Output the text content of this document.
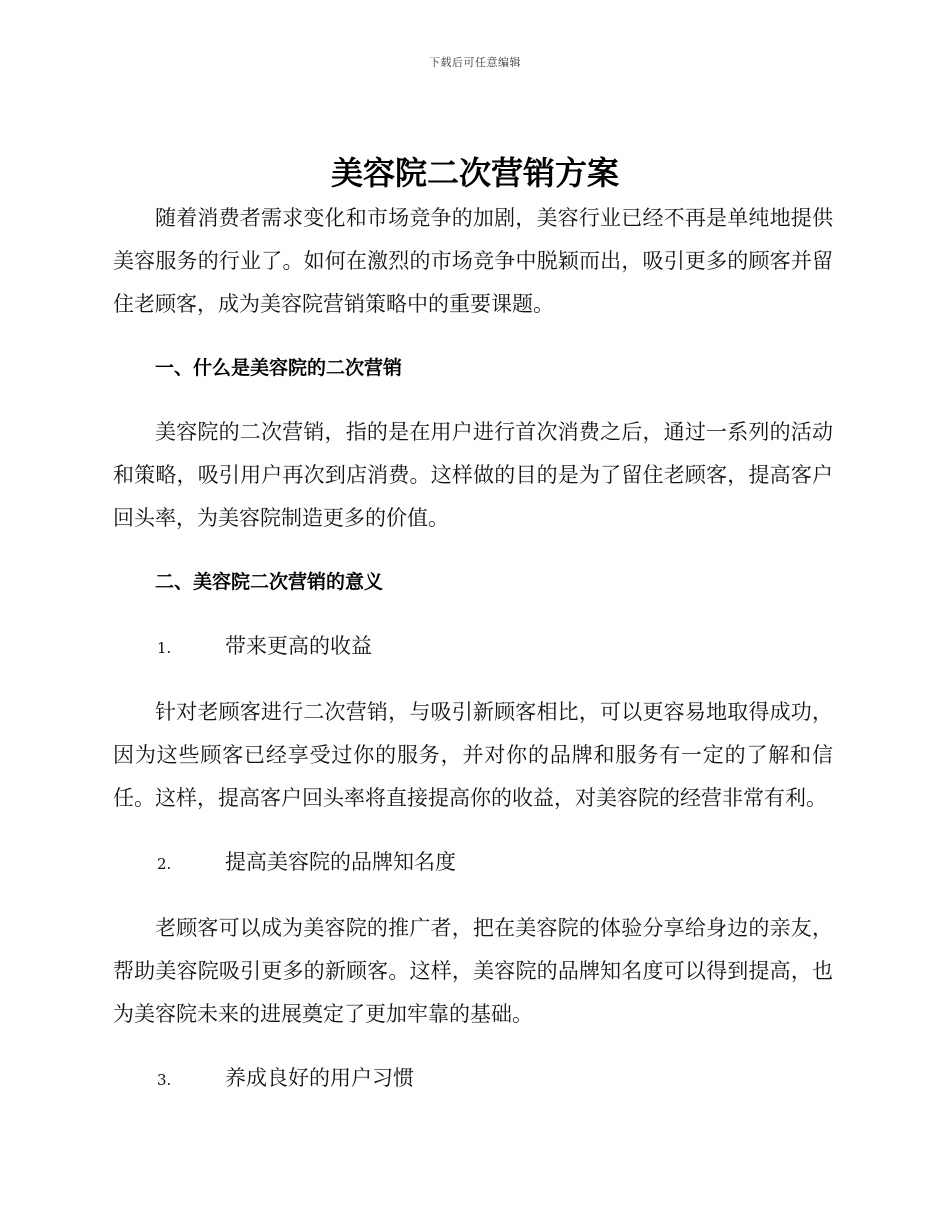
下载后可任意编辑
美容院二次营销方案

随着消费者需求变化和市场竞争的加剧，美容行业已经不再是单纯地提供美容服务的行业了。如何在激烈的市场竞争中脱颖而出，吸引更多的顾客并留住老顾客，成为美容院营销策略中的重要课题。

一、什么是美容院的二次营销

美容院的二次营销，指的是在用户进行首次消费之后，通过一系列的活动和策略，吸引用户再次到店消费。这样做的目的是为了留住老顾客，提高客户回头率，为美容院制造更多的价值。

二、美容院二次营销的意义
1.	带来更高的收益

针对老顾客进行二次营销，与吸引新顾客相比，可以更容易地取得成功，因为这些顾客已经享受过你的服务，并对你的品牌和服务有一定的了解和信任。这样，提高客户回头率将直接提高你的收益，对美容院的经营非常有利。

2.	提高美容院的品牌知名度

老顾客可以成为美容院的推广者，把在美容院的体验分享给身边的亲友，帮助美容院吸引更多的新顾客。这样，美容院的品牌知名度可以得到提高，也为美容院未来的进展奠定了更加牢靠的基础。

3.	养成良好的用户习惯
